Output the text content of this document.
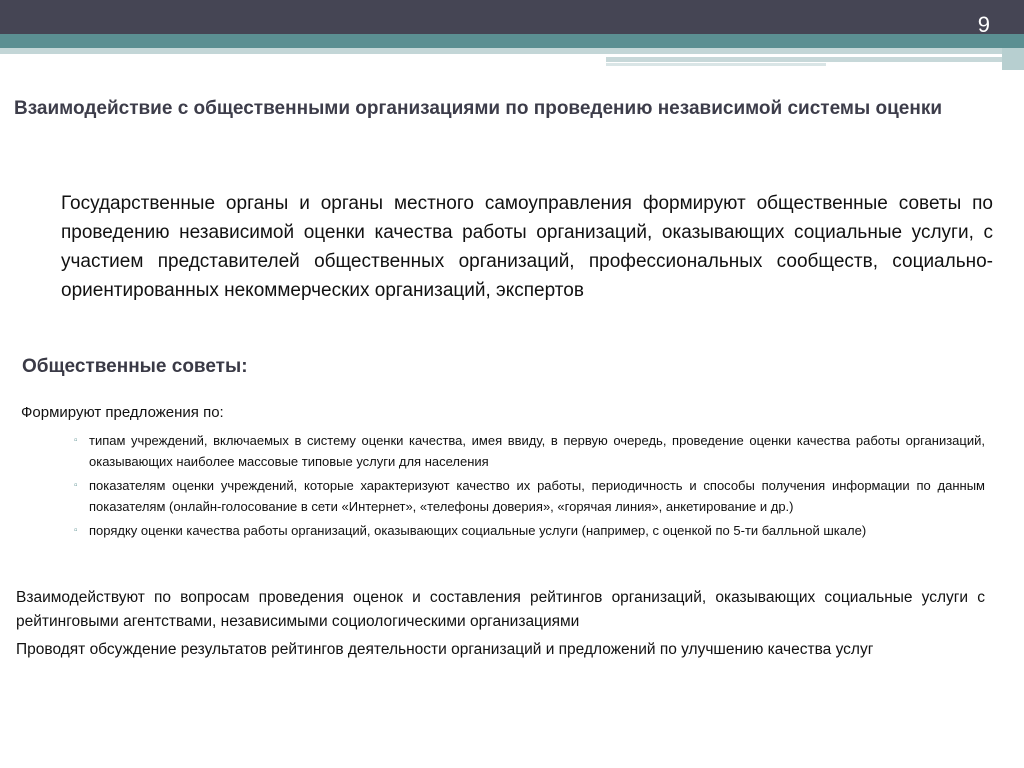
9
Взаимодействие с общественными организациями по проведению независимой системы оценки
Государственные органы и органы местного самоуправления формируют общественные советы по проведению независимой оценки качества работы организаций, оказывающих социальные услуги, с участием представителей общественных организаций, профессиональных сообществ, социально-ориентированных некоммерческих организаций, экспертов
Общественные советы:
Формируют предложения по:
▫ типам учреждений, включаемых в систему оценки качества, имея ввиду, в первую очередь, проведение оценки качества работы организаций, оказывающих наиболее массовые типовые услуги для населения
▫ показателям оценки учреждений, которые характеризуют качество их работы, периодичность и способы получения информации по данным показателям (онлайн-голосование в сети «Интернет», «телефоны доверия», «горячая линия», анкетирование и др.)
▫ порядку оценки качества работы организаций, оказывающих социальные услуги (например, с оценкой по 5-ти балльной шкале)
Взаимодействуют по вопросам проведения оценок и составления рейтингов организаций, оказывающих социальные услуги с рейтинговыми агентствами, независимыми социологическими организациями
Проводят обсуждение результатов рейтингов деятельности организаций и предложений по улучшению качества услуг
